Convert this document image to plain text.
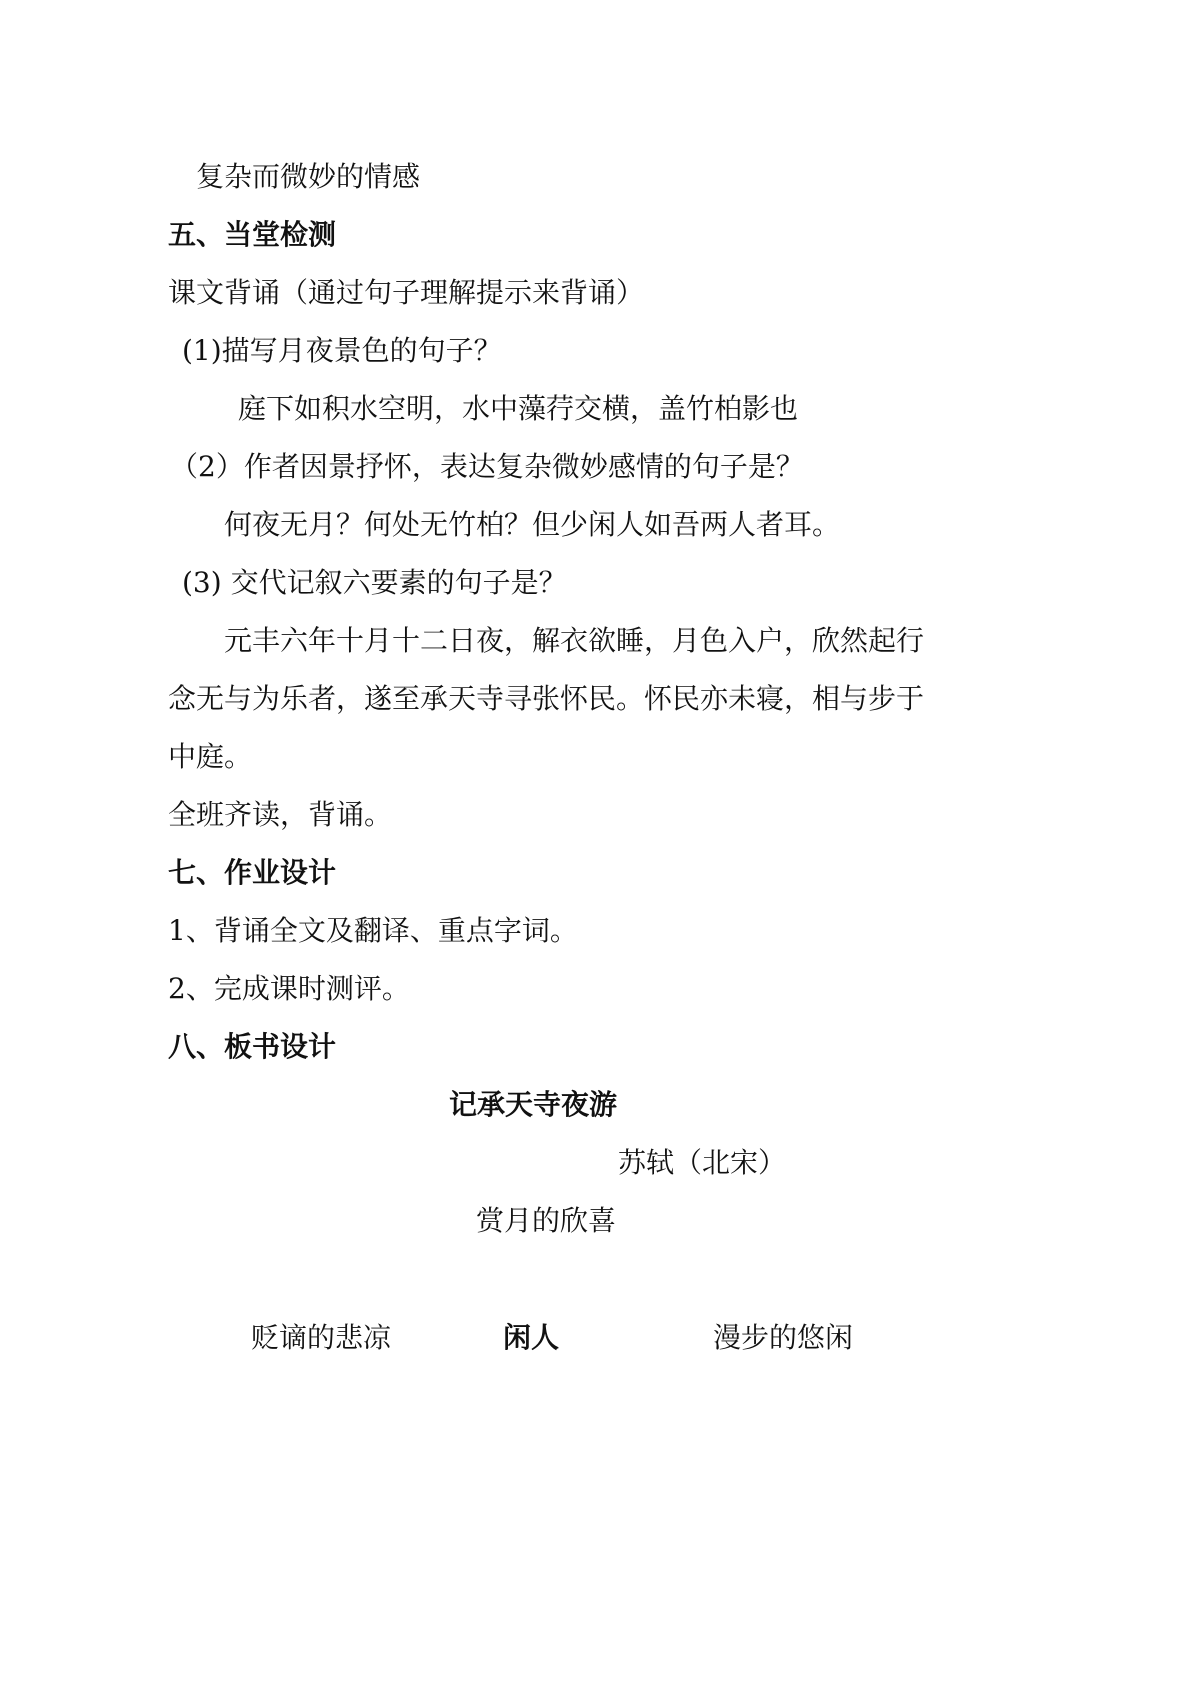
复杂而微妙的情感

五、当堂检测

课文背诵（通过句子理解提示来背诵）

(1)描写月夜景色的句子？

庭下如积水空明，水中藻荇交横，盖竹柏影也

（2）作者因景抒怀，表达复杂微妙感情的句子是？

何夜无月？何处无竹柏？但少闲人如吾两人者耳。

(3) 交代记叙六要素的句子是？

元丰六年十月十二日夜，解衣欲睡，月色入户，欣然起行

念无与为乐者，遂至承天寺寻张怀民。怀民亦未寝，相与步于

中庭。

全班齐读，背诵。

七、作业设计

1、背诵全文及翻译、重点字词。

2、完成课时测评。

八、板书设计

记承天寺夜游

苏轼（北宋）

赏月的欣喜

贬谪的悲凉	闲人	漫步的悠闲
